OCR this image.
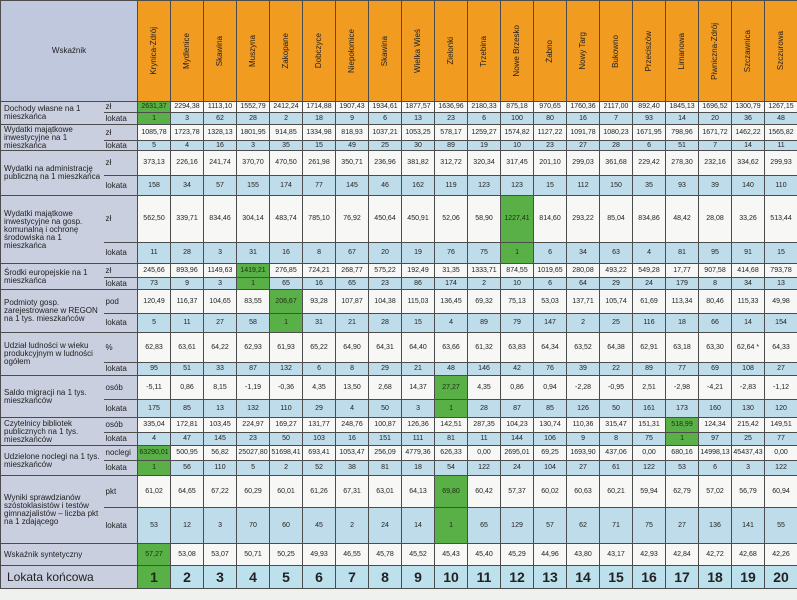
Wskaźnik		Krynica-Zdrój	Mydlenice	Skawina	Muszyna	Zakopane	Dobczyce	Niepołomice	Skawina	Wielka Wieś	Zielonki	Trzebina	Nowe Brzesko	Żabno	Nowy Targ	Bukowno	Przeciszów	Limanowa	Piwniczna-Zdrój	Szczawnica	Szczurowa

Dochody własne na 1 mieszkańca	zł	2631,37	2294,38	1113,10	1552,79	2412,24	1714,88	1907,43	1934,61	1877,57	1636,96	2180,33	875,18	970,65	1760,36	2117,00	892,40	1845,13	1696,52	1300,79	1267,15
	lokata	1	3	62	28	2	18	9	6	13	23	6	100	80	16	7	93	14	20	36	48
Wydatki majątkowe inwestycyjne na 1 mieszkańca	zł	1085,78	1723,78	1328,13	1801,95	914,85	1334,98	818,93	1037,21	1053,25	578,17	1259,27	1574,82	1127,22	1091,78	1080,23	1671,95	798,96	1671,72	1462,22	1565,82
	lokata	5	4	16	3	35	15	49	25	30	89	19	10	23	27	28	6	51	7	14	11
Wydatki na administrację publiczną na 1 mieszkańca	zł	373,13	226,16	241,74	370,70	470,50	261,98	350,71	236,96	381,82	312,72	320,34	317,45	201,10	299,03	361,68	229,42	278,30	232,16	334,62	299,93
	lokata	158	34	57	155	174	77	145	46	162	119	123	123	15	112	150	35	93	39	140	110
Wydatki majątkowe inwestycyjne na gosp. komunalną i ochronę środowiska na 1 mieszkańca	zł	562,50	339,71	834,46	304,14	483,74	785,10	76,92	450,64	450,91	52,06	58,90	1227,41	814,60	293,22	85,04	834,86	48,42	28,08	33,26	513,44
	lokata	11	28	3	31	16	8	67	20	19	76	75	1	6	34	63	4	81	95	91	15
Środki europejskie na 1 mieszkańca	zł	245,66	893,96	1149,63	1419,21	276,85	724,21	268,77	575,22	192,49	31,35	1333,71	874,55	1019,65	280,08	493,22	549,28	17,77	907,58	414,68	793,78
	lokata	73	9	3	1	65	16	65	23	86	174	2	10	6	64	29	24	179	8	34	13
Podmioty gosp. zarejestrowane w REGON na 1 tys. mieszkańców	pod	120,49	116,37	104,65	83,55	206,67	93,28	107,87	104,38	115,03	136,45	69,32	75,13	53,03	137,71	105,74	61,69	113,34	80,46	115,33	49,98
	lokata	5	11	27	58	1	31	21	28	15	4	89	79	147	2	25	116	18	66	14	154
Udział ludności w wieku produkcyjnym w ludności ogółem	%	62,83	63,61	64,22	62,93	61,93	65,22	64,90	64,31	64,40	63,66	61,32	63,83	64,34	63,52	64,38	62,91	63,18	63,30	62,64 *	64,33
	lokata	95	51	33	87	132	6	8	29	21	48	146	42	76	39	22	89	77	69	108	27
Saldo migracji na 1 tys. mieszkańców	osób	-5,11	0,86	8,15	-1,19	-0,36	4,35	13,50	2,68	14,37	27,27	4,35	0,86	0,94	-2,28	-0,95	2,51	-2,98	-4,21	-2,83	-1,12
	lokata	175	85	13	132	110	29	4	50	3	1	28	87	85	126	50	161	173	160	130	120
Czytelnicy bibliotek publicznych na 1 tys. mieszkańców	osób	335,04	172,81	103,45	224,97	169,27	131,77	248,76	100,87	126,36	142,51	287,35	104,23	130,74	110,36	315,47	151,31	518,99	124,34	215,42	149,51
	lokata	4	47	145	23	50	103	16	151	111	81	11	144	106	9	8	75	1	97	25	77
Udzielone noclegi na 1 tys. mieszkańców	noclegi	63290,01	500,95	56,82	25027,80	51698,41	693,41	1053,47	256,09	4779,36	626,33	0,00	2695,01	69,25	1693,90	437,06	0,00	680,16	14998,13	45437,43	0,00
	lokata	1	56	110	5	2	52	38	81	18	54	122	24	104	27	61	122	53	6	3	122
Wyniki sprawdzianów szóstoklasistów i testów gimnazjalistów – liczba pkt na 1 zdającego	pkt	61,02	64,65	67,22	60,29	60,01	61,26	67,31	63,01	64,13	69,80	60,42	57,37	60,02	60,63	60,21	59,94	62,79	57,02	56,79	60,94
	lokata	53	12	3	70	60	45	2	24	14	1	65	129	57	62	71	75	27	136	141	55
Wskaźnik syntetyczny		57,27	53,08	53,07	50,71	50,25	49,93	46,55	45,78	45,52	45,43	45,40	45,29	44,96	43,80	43,17	42,93	42,84	42,72	42,68	42,26
Lokata końcowa		1	2	3	4	5	6	7	8	9	10	11	12	13	14	15	16	17	18	19	20
